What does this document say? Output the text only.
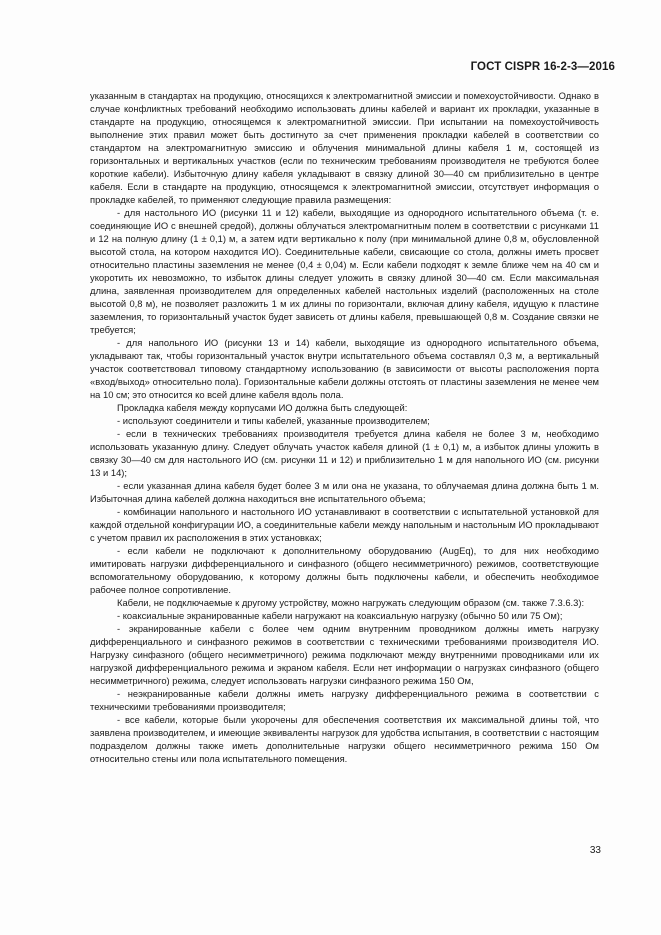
ГОСТ CISPR 16-2-3—2016

указанным в стандартах на продукцию, относящихся к электромагнитной эмиссии и помехоустойчивости. Однако в случае конфликтных требований необходимо использовать длины кабелей и вариант их прокладки, указанные в стандарте на продукцию, относящемся к электромагнитной эмиссии. При испытании на помехоустойчивость выполнение этих правил может быть достигнуто за счет применения прокладки кабелей в соответствии со стандартом на электромагнитную эмиссию и облучения минимальной длины кабеля 1 м, состоящей из горизонтальных и вертикальных участков (если по техническим требованиям производителя не требуются более короткие кабели). Избыточную длину кабеля укладывают в связку длиной 30—40 см приблизительно в центре кабеля. Если в стандарте на продукцию, относящемся к электромагнитной эмиссии, отсутствует информация о прокладке кабелей, то применяют следующие правила размещения:

- для настольного ИО (рисунки 11 и 12) кабели, выходящие из однородного испытательного объема (т. е. соединяющие ИО с внешней средой), должны облучаться электромагнитным полем в соответствии с рисунками 11 и 12 на полную длину (1 ± 0,1) м, а затем идти вертикально к полу (при минимальной длине 0,8 м, обусловленной высотой стола, на котором находится ИО). Соединительные кабели, свисающие со стола, должны иметь просвет относительно пластины заземления не менее (0,4 ± 0,04) м. Если кабели подходят к земле ближе чем на 40 см и укоротить их невозможно, то избыток длины следует уложить в связку длиной 30—40 см. Если максимальная длина, заявленная производителем для определенных кабелей настольных изделий (расположенных на столе высотой 0,8 м), не позволяет разложить 1 м их длины по горизонтали, включая длину кабеля, идущую к пластине заземления, то горизонтальный участок будет зависеть от длины кабеля, превышающей 0,8 м. Создание связки не требуется;

- для напольного ИО (рисунки 13 и 14) кабели, выходящие из однородного испытательного объема, укладывают так, чтобы горизонтальный участок внутри испытательного объема составлял 0,3 м, а вертикальный участок соответствовал типовому стандартному использованию (в зависимости от высоты расположения порта «вход/выход» относительно пола). Горизонтальные кабели должны отстоять от пластины заземления не менее чем на 10 см; это относится ко всей длине кабеля вдоль пола.

Прокладка кабеля между корпусами ИО должна быть следующей:

- используют соединители и типы кабелей, указанные производителем;

- если в технических требованиях производителя требуется длина кабеля не более 3 м, необходимо использовать указанную длину. Следует облучать участок кабеля длиной (1 ± 0,1) м, а избыток длины уложить в связку 30—40 см для настольного ИО (см. рисунки 11 и 12) и приблизительно 1 м для напольного ИО (см. рисунки 13 и 14);

- если указанная длина кабеля будет более 3 м или она не указана, то облучаемая длина должна быть 1 м. Избыточная длина кабелей должна находиться вне испытательного объема;

- комбинации напольного и настольного ИО устанавливают в соответствии с испытательной установкой для каждой отдельной конфигурации ИО, а соединительные кабели между напольным и настольным ИО прокладывают с учетом правил их расположения в этих установках;

- если кабели не подключают к дополнительному оборудованию (AugEq), то для них необходимо имитировать нагрузки дифференциального и синфазного (общего несимметричного) режимов, соответствующие вспомогательному оборудованию, к которому должны быть подключены кабели, и обеспечить необходимое рабочее полное сопротивление.

Кабели, не подключаемые к другому устройству, можно нагружать следующим образом (см. также 7.3.6.3):

- коаксиальные экранированные кабели нагружают на коаксиальную нагрузку (обычно 50 или 75 Ом);

- экранированные кабели с более чем одним внутренним проводником должны иметь нагрузку дифференциального и синфазного режимов в соответствии с техническими требованиями производителя ИО. Нагрузку синфазного (общего несимметричного) режима подключают между внутренними проводниками или их нагрузкой дифференциального режима и экраном кабеля. Если нет информации о нагрузках синфазного (общего несимметричного) режима, следует использовать нагрузки синфазного режима 150 Ом,

- неэкранированные кабели должны иметь нагрузку дифференциального режима в соответствии с техническими требованиями производителя;

- все кабели, которые были укорочены для обеспечения соответствия их максимальной длины той, что заявлена производителем, и имеющие эквиваленты нагрузок для удобства испытания, в соответствии с настоящим подразделом должны также иметь дополнительные нагрузки общего несимметричного режима 150 Ом относительно стены или пола испытательного помещения.

33
